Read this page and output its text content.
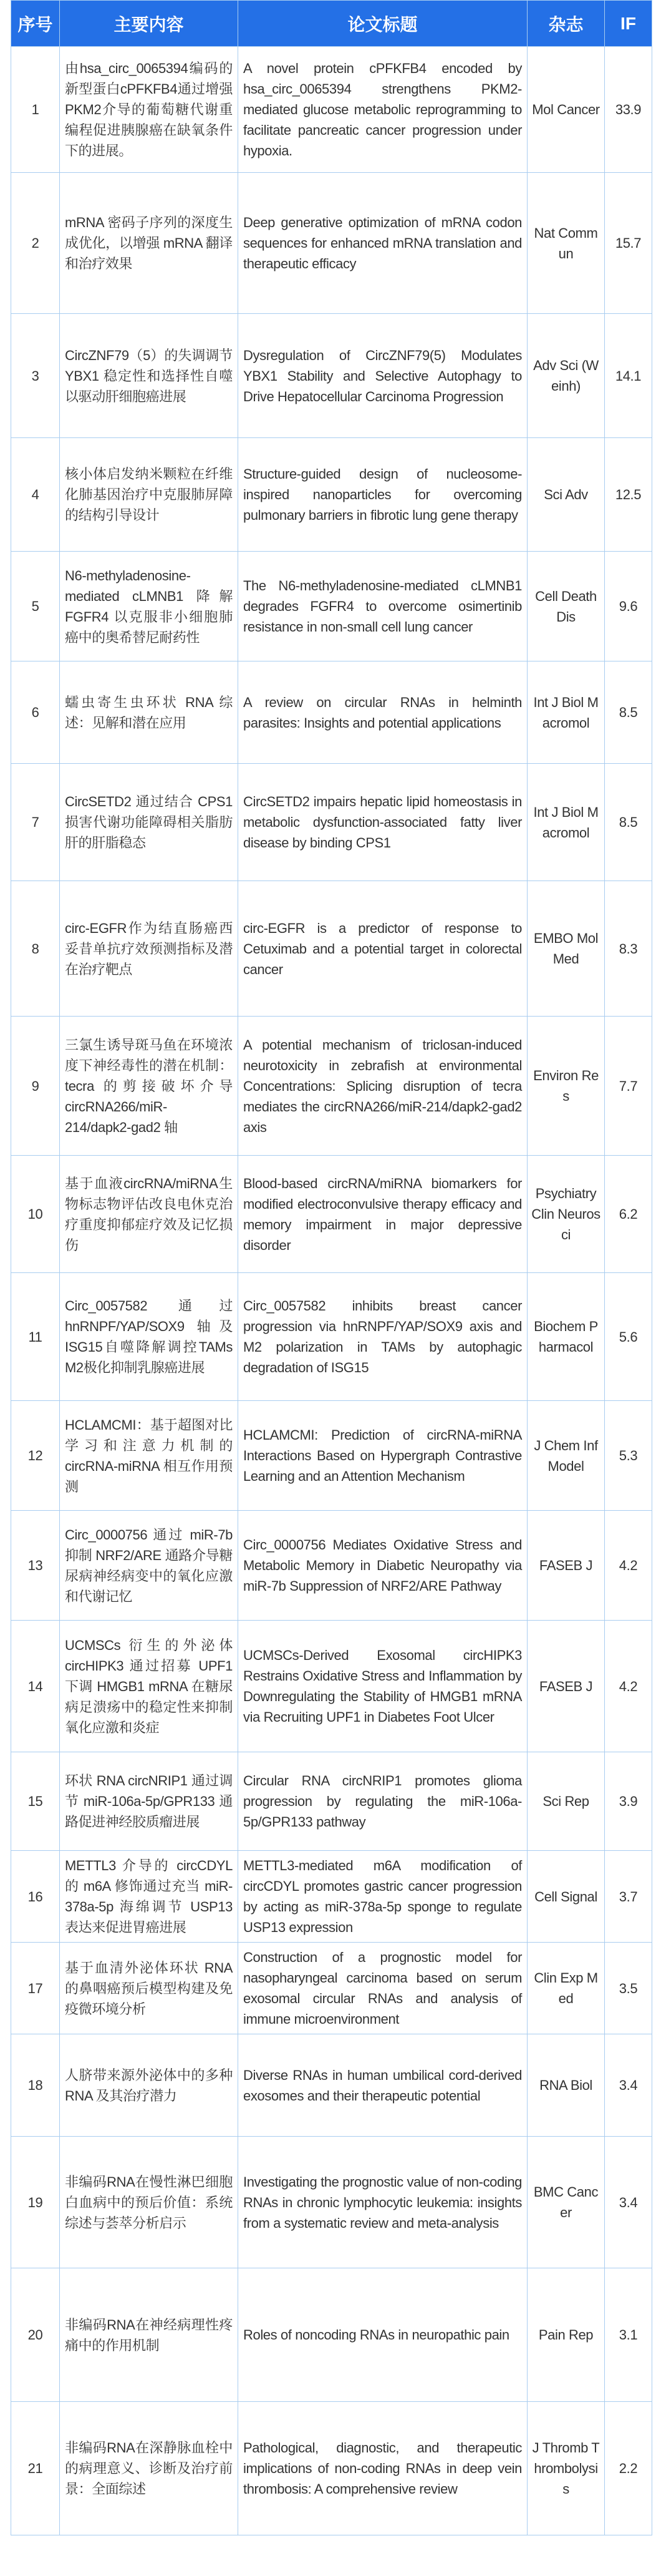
序号	主要内容	论文标题	杂志	IF
1	由hsa_circ_0065394编码的新型蛋白cPFKFB4通过增强PKM2介导的葡萄糖代谢重编程促进胰腺癌在缺氧条件下的进展。	A novel protein cPFKFB4 encoded by hsa_circ_0065394 strengthens PKM2-mediated glucose metabolic reprogramming to facilitate pancreatic cancer progression under hypoxia.	Mol Cancer	33.9
2	mRNA 密码子序列的深度生成优化，以增强 mRNA 翻译和治疗效果	Deep generative optimization of mRNA codon sequences for enhanced mRNA translation and therapeutic efficacy	Nat Commun	15.7
3	CircZNF79（5）的失调调节 YBX1 稳定性和选择性自噬以驱动肝细胞癌进展	Dysregulation of CircZNF79(5) Modulates YBX1 Stability and Selective Autophagy to Drive Hepatocellular Carcinoma Progression	Adv Sci (Weinh)	14.1
4	核小体启发纳米颗粒在纤维化肺基因治疗中克服肺屏障的结构引导设计	Structure-guided design of nucleosome-inspired nanoparticles for overcoming pulmonary barriers in fibrotic lung gene therapy	Sci Adv	12.5
5	N6-methyladenosine-mediated cLMNB1 降解 FGFR4 以克服非小细胞肺癌中的奥希替尼耐药性	The N6-methyladenosine-mediated cLMNB1 degrades FGFR4 to overcome osimertinib resistance in non-small cell lung cancer	Cell Death Dis	9.6
6	蠕虫寄生虫环状 RNA 综述：见解和潜在应用	A review on circular RNAs in helminth parasites: Insights and potential applications	Int J Biol Macromol	8.5
7	CircSETD2 通过结合 CPS1 损害代谢功能障碍相关脂肪肝的肝脂稳态	CircSETD2 impairs hepatic lipid homeostasis in metabolic dysfunction-associated fatty liver disease by binding CPS1	Int J Biol Macromol	8.5
8	circ-EGFR作为结直肠癌西妥昔单抗疗效预测指标及潜在治疗靶点	circ-EGFR is a predictor of response to Cetuximab and a potential target in colorectal cancer	EMBO Mol Med	8.3
9	三氯生诱导斑马鱼在环境浓度下神经毒性的潜在机制：tecra 的剪接破坏介导 circRNA266/miR-214/dapk2-gad2 轴	A potential mechanism of triclosan-induced neurotoxicity in zebrafish at environmental Concentrations: Splicing disruption of tecra mediates the circRNA266/miR-214/dapk2-gad2 axis	Environ Res	7.7
10	基于血液circRNA/miRNA生物标志物评估改良电休克治疗重度抑郁症疗效及记忆损伤	Blood-based circRNA/miRNA biomarkers for modified electroconvulsive therapy efficacy and memory impairment in major depressive disorder	Psychiatry Clin Neurosci	6.2
11	Circ_0057582 通过 hnRNPF/YAP/SOX9 轴及ISG15自噬降解调控TAMs M2极化抑制乳腺癌进展	Circ_0057582 inhibits breast cancer progression via hnRNPF/YAP/SOX9 axis and M2 polarization in TAMs by autophagic degradation of ISG15	Biochem Pharmacol	5.6
12	HCLAMCMI：基于超图对比学习和注意力机制的 circRNA-miRNA 相互作用预测	HCLAMCMI: Prediction of circRNA-miRNA Interactions Based on Hypergraph Contrastive Learning and an Attention Mechanism	J Chem Inf Model	5.3
13	Circ_0000756 通过 miR-7b 抑制 NRF2/ARE 通路介导糖尿病神经病变中的氧化应激和代谢记忆	Circ_0000756 Mediates Oxidative Stress and Metabolic Memory in Diabetic Neuropathy via miR-7b Suppression of NRF2/ARE Pathway	FASEB J	4.2
14	UCMSCs 衍生的外泌体 circHIPK3 通过招募 UPF1 下调 HMGB1 mRNA 在糖尿病足溃疡中的稳定性来抑制氧化应激和炎症	UCMSCs-Derived Exosomal circHIPK3 Restrains Oxidative Stress and Inflammation by Downregulating the Stability of HMGB1 mRNA via Recruiting UPF1 in Diabetes Foot Ulcer	FASEB J	4.2
15	环状 RNA circNRIP1 通过调节 miR-106a-5p/GPR133 通路促进神经胶质瘤进展	Circular RNA circNRIP1 promotes glioma progression by regulating the miR-106a-5p/GPR133 pathway	Sci Rep	3.9
16	METTL3 介导的 circCDYL 的 m6A 修饰通过充当 miR-378a-5p 海绵调节 USP13 表达来促进胃癌进展	METTL3-mediated m6A modification of circCDYL promotes gastric cancer progression by acting as miR-378a-5p sponge to regulate USP13 expression	Cell Signal	3.7
17	基于血清外泌体环状 RNA 的鼻咽癌预后模型构建及免疫微环境分析	Construction of a prognostic model for nasopharyngeal carcinoma based on serum exosomal circular RNAs and analysis of immune microenvironment	Clin Exp Med	3.5
18	人脐带来源外泌体中的多种 RNA 及其治疗潜力	Diverse RNAs in human umbilical cord-derived exosomes and their therapeutic potential	RNA Biol	3.4
19	非编码RNA在慢性淋巴细胞白血病中的预后价值：系统综述与荟萃分析启示	Investigating the prognostic value of non-coding RNAs in chronic lymphocytic leukemia: insights from a systematic review and meta-analysis	BMC Cancer	3.4
20	非编码RNA在神经病理性疼痛中的作用机制	Roles of noncoding RNAs in neuropathic pain	Pain Rep	3.1
21	非编码RNA在深静脉血栓中的病理意义、诊断及治疗前景：全面综述	Pathological, diagnostic, and therapeutic implications of non-coding RNAs in deep vein thrombosis: A comprehensive review	J Thromb Thrombolysis	2.2
